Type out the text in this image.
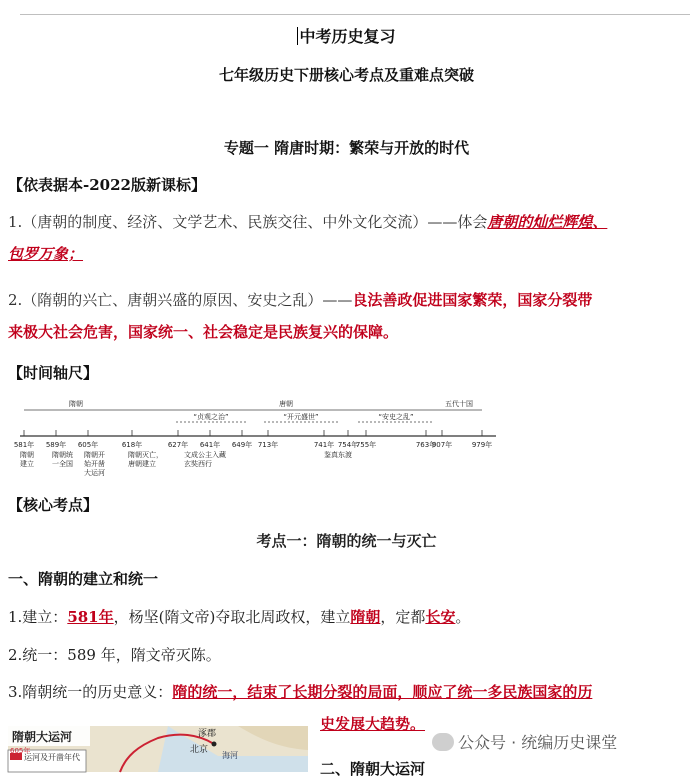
中考历史复习
七年级历史下册核心考点及重难点突破
专题一 隋唐时期：繁荣与开放的时代
【依表据本-2022版新课标】
1.（唐朝的制度、经济、文学艺术、民族交往、中外文化交流）——体会唐朝的灿烂辉煌、
包罗万象；
2.（隋朝的兴亡、唐朝兴盛的原因、安史之乱）——良法善政促进国家繁荣，国家分裂带
来极大社会危害，国家统一、社会稳定是民族复兴的保障。
【时间轴尺】
隋朝	唐朝
“贞观之治”	“开元盛世”	“安史之乱”
五代十国
581年 589年 605年	618年	627年 641年 649年 713年	741年 754年
755年	763年
907年	979年
隋朝
建立
隋朝统
一全国
隋朝开
始开凿
大运河
隋朝灭亡，
唐朝建立
文成公主入藏
玄奘西行
鉴真东渡
【核心考点】
考点一：隋朝的统一与灭亡
一、隋朝的建立和统一
1.建立：581年，杨坚(隋文帝)夺取北周政权，建立隋朝，定都长安。
2.统一：589 年，隋文帝灭陈。
3.隋朝统一的历史意义：隋的统一，结束了长期分裂的局面，顺应了统一多民族国家的历
史发展大趋势。
隋朝大运河
运河及开凿年代
605年
涿郡
北京
海河
二、隋朝大运河
公众号 · 统编历史课堂
